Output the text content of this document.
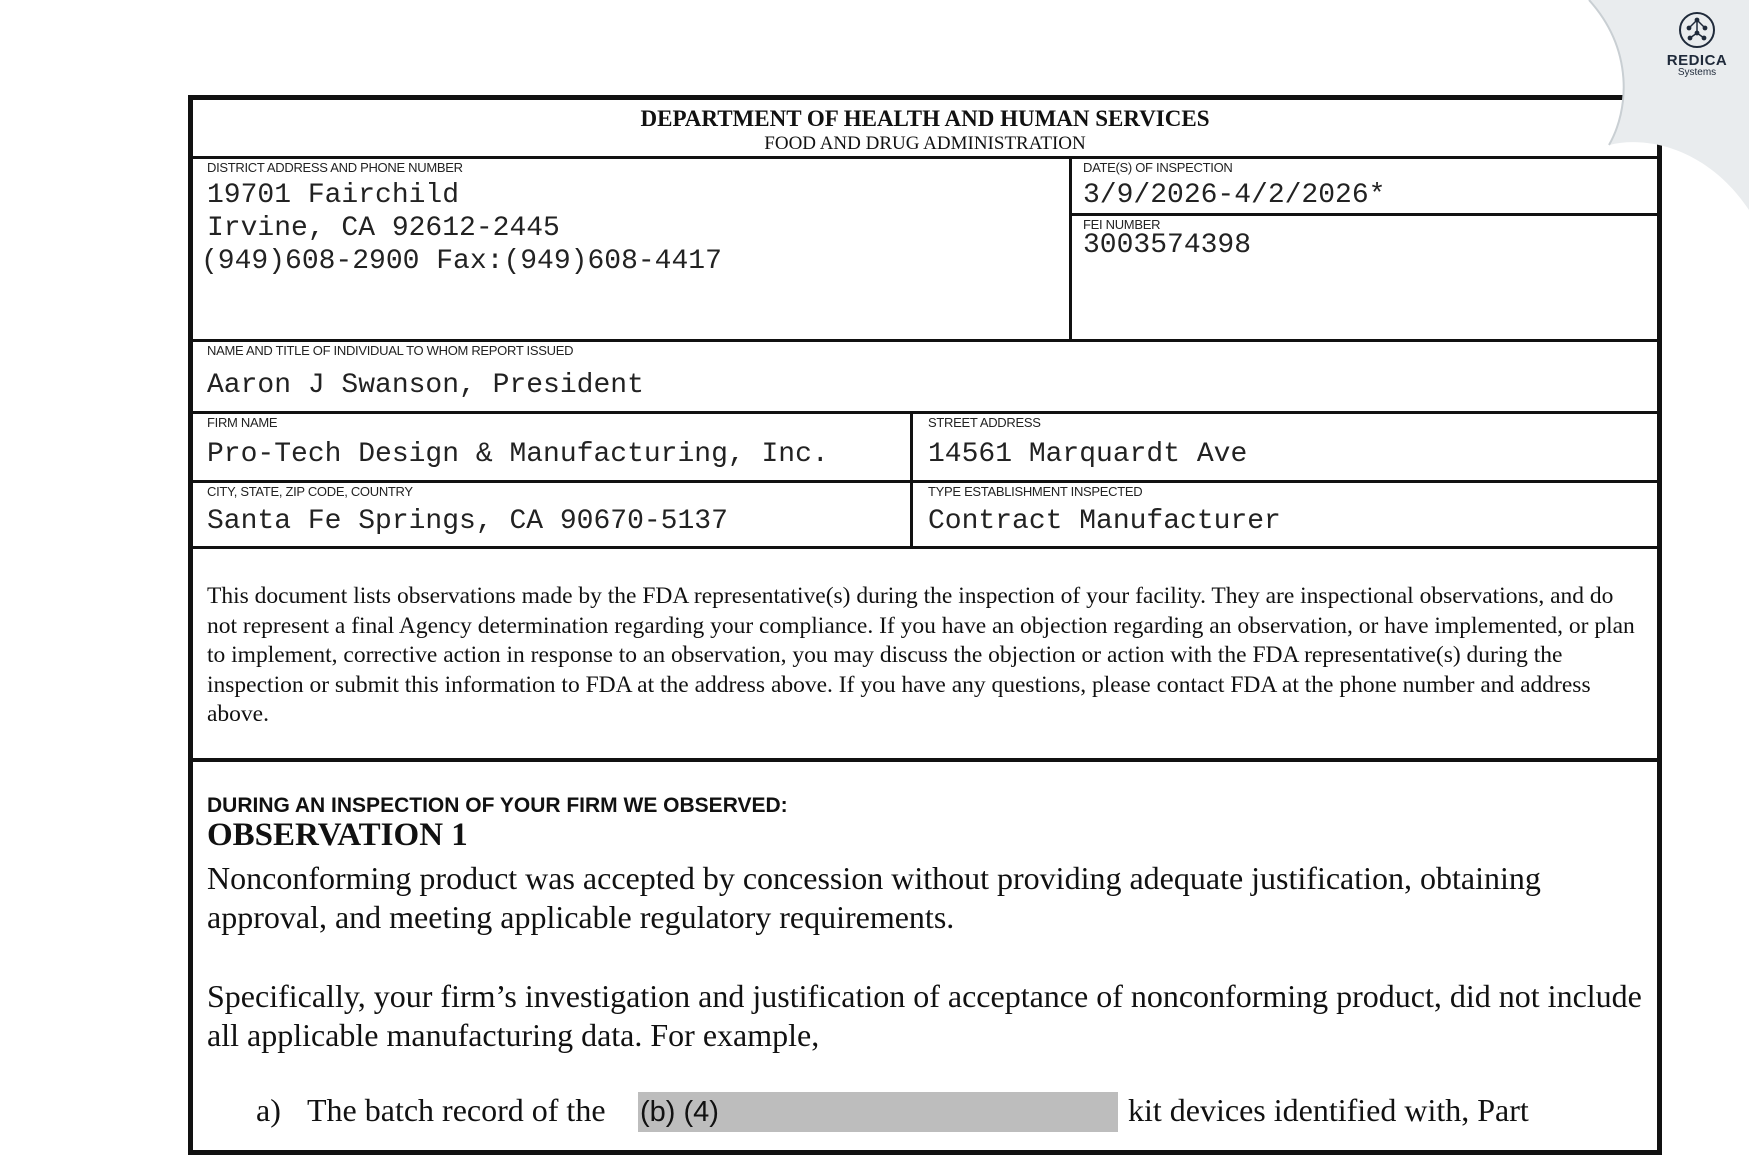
DEPARTMENT OF HEALTH AND HUMAN SERVICES
FOOD AND DRUG ADMINISTRATION
DISTRICT ADDRESS AND PHONE NUMBER
19701 Fairchild
Irvine, CA 92612-2445
(949)608-2900 Fax:(949)608-4417
DATE(S) OF INSPECTION
3/9/2026-4/2/2026*
FEI NUMBER
3003574398
NAME AND TITLE OF INDIVIDUAL TO WHOM REPORT ISSUED
Aaron J Swanson, President
FIRM NAME
Pro-Tech Design & Manufacturing, Inc.
STREET ADDRESS
14561 Marquardt Ave
CITY, STATE, ZIP CODE, COUNTRY
Santa Fe Springs, CA 90670-5137
TYPE ESTABLISHMENT INSPECTED
Contract Manufacturer

This document lists observations made by the FDA representative(s) during the inspection of your facility. They are inspectional observations, and do not represent a final Agency determination regarding your compliance. If you have an objection regarding an observation, or have implemented, or plan to implement, corrective action in response to an observation, you may discuss the objection or action with the FDA representative(s) during the inspection or submit this information to FDA at the address above. If you have any questions, please contact FDA at the phone number and address above.

DURING AN INSPECTION OF YOUR FIRM WE OBSERVED:
OBSERVATION 1

Nonconforming product was accepted by concession without providing adequate justification, obtaining approval, and meeting applicable regulatory requirements.

Specifically, your firm’s investigation and justification of acceptance of nonconforming product, did not include all applicable manufacturing data. For example,

a) The batch record of the (b) (4)	kit devices identified with, Part
REDICA
Systems
